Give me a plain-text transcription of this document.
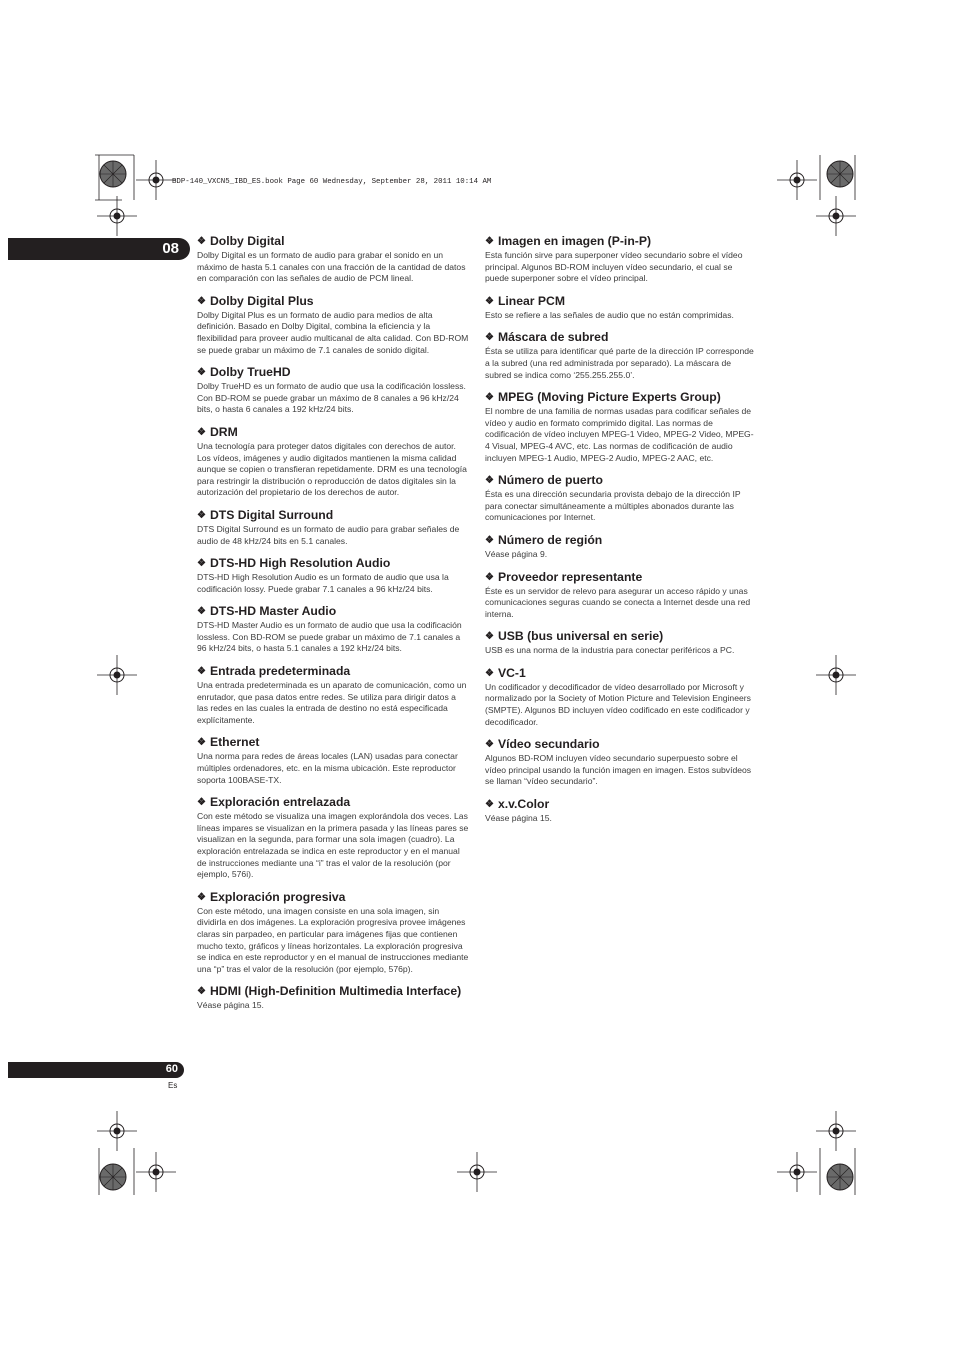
BDP-140_VXCN5_IBD_ES.book Page 60 Wednesday, September 28, 2011 10:14 AM
08 ❖ Dolby Digital

Dolby Digital es un formato de audio para grabar el sonido en un máximo de hasta 5.1 canales con una fracción de la cantidad de datos en comparación con las señales de audio de PCM lineal.

❖ Dolby Digital Plus

Dolby Digital Plus es un formato de audio para medios de alta definición. Basado en Dolby Digital, combina la eficiencia y la flexibilidad para proveer audio multicanal de alta calidad. Con BD-ROM se puede grabar un máximo de 7.1 canales de sonido digital.

❖ Dolby TrueHD

Dolby TrueHD es un formato de audio que usa la codificación lossless. Con BD-ROM se puede grabar un máximo de 8 canales a 96 kHz/24 bits, o hasta 6 canales a 192 kHz/24 bits.

❖ DRM

Una tecnología para proteger datos digitales con derechos de autor. Los vídeos, imágenes y audio digitados mantienen la misma calidad aunque se copien o transfieran repetidamente. DRM es una tecnología para restringir la distribución o reproducción de datos digitales sin la autorización del propietario de los derechos de autor.

❖ DTS Digital Surround

DTS Digital Surround es un formato de audio para grabar señales de audio de 48 kHz/24 bits en 5.1 canales.

❖ DTS-HD High Resolution Audio

DTS-HD High Resolution Audio es un formato de audio que usa la codificación lossy. Puede grabar 7.1 canales a 96 kHz/24 bits.

❖ DTS-HD Master Audio

DTS-HD Master Audio es un formato de audio que usa la codificación lossless. Con BD-ROM se puede grabar un máximo de 7.1 canales a 96 kHz/24 bits, o hasta 5.1 canales a 192 kHz/24 bits.

❖ Entrada predeterminada

Una entrada predeterminada es un aparato de comunicación, como un enrutador, que pasa datos entre redes. Se utiliza para dirigir datos a las redes en las cuales la entrada de destino no está especificada explícitamente.

❖ Ethernet

Una norma para redes de áreas locales (LAN) usadas para conectar múltiples ordenadores, etc. en la misma ubicación. Este reproductor soporta 100BASE-TX.

❖ Exploración entrelazada

Con este método se visualiza una imagen explorándola dos veces. Las líneas impares se visualizan en la primera pasada y las líneas pares se visualizan en la segunda, para formar una sola imagen (cuadro). La exploración entrelazada se indica en este reproductor y en el manual de instrucciones mediante una “i” tras el valor de la resolución (por ejemplo, 576i).

❖ Exploración progresiva

Con este método, una imagen consiste en una sola imagen, sin dividirla en dos imágenes. La exploración progresiva provee imágenes claras sin parpadeo, en particular para imágenes fijas que contienen mucho texto, gráficos y líneas horizontales. La exploración progresiva se indica en este reproductor y en el manual de instrucciones mediante una “p” tras el valor de la resolución (por ejemplo, 576p).

❖ HDMI (High-Definition Multimedia Interface)

Véase página 15.

❖ Imagen en imagen (P-in-P)

Esta función sirve para superponer vídeo secundario sobre el vídeo principal. Algunos BD-ROM incluyen vídeo secundario, el cual se puede superponer sobre el vídeo principal.

❖ Linear PCM

Esto se refiere a las señales de audio que no están comprimidas.

❖ Máscara de subred

Ésta se utiliza para identificar qué parte de la dirección IP corresponde a la subred (una red administrada por separado). La máscara de subred se indica como ‘255.255.255.0’.

❖ MPEG (Moving Picture Experts Group)

El nombre de una familia de normas usadas para codificar señales de vídeo y audio en formato comprimido digital. Las normas de codificación de vídeo incluyen MPEG-1 Video, MPEG-2 Video, MPEG-4 Visual, MPEG-4 AVC, etc. Las normas de codificación de audio incluyen MPEG-1 Audio, MPEG-2 Audio, MPEG-2 AAC, etc.

❖ Número de puerto

Ésta es una dirección secundaria provista debajo de la dirección IP para conectar simultáneamente a múltiples abonados durante las comunicaciones por Internet.

❖ Número de región

Véase página 9.

❖ Proveedor representante

Éste es un servidor de relevo para asegurar un acceso rápido y unas comunicaciones seguras cuando se conecta a Internet desde una red interna.

❖ USB (bus universal en serie)

USB es una norma de la industria para conectar periféricos a PC.

❖ VC-1

Un codificador y decodificador de vídeo desarrollado por Microsoft y normalizado por la Society of Motion Picture and Television Engineers (SMPTE). Algunos BD incluyen vídeo codificado en este codificador y decodificador.

❖ Vídeo secundario

Algunos BD-ROM incluyen vídeo secundario superpuesto sobre el vídeo principal usando la función imagen en imagen. Estos subvídeos se llaman “vídeo secundario”.

❖ x.v.Color

Véase página 15.

60
Es
